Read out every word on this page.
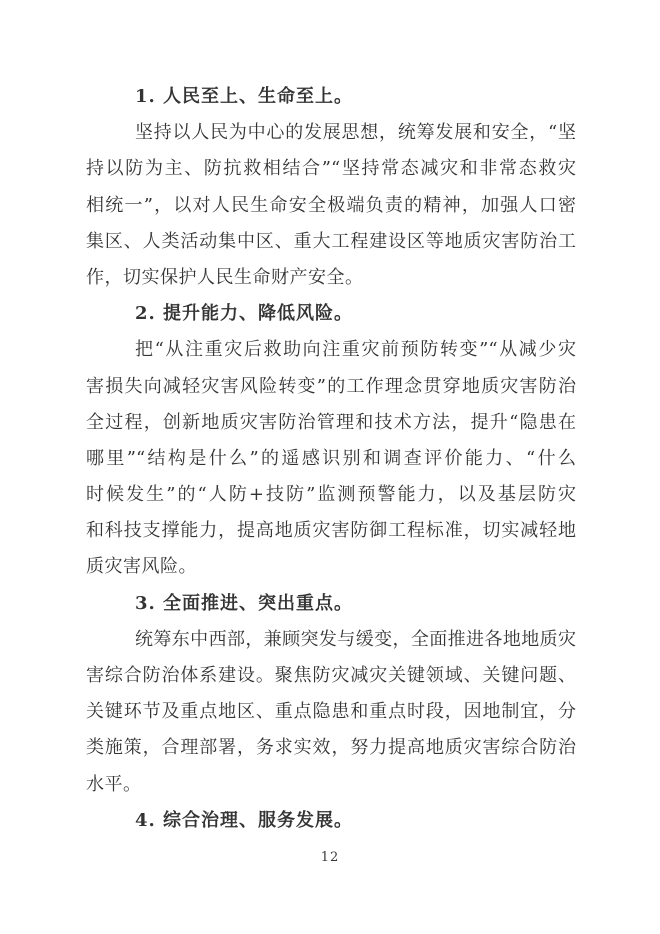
1. 人民至上、生命至上。
坚持以人民为中心的发展思想，统筹发展和安全，“坚
持以防为主、防抗救相结合”“坚持常态减灾和非常态救灾
相统一”，以对人民生命安全极端负责的精神，加强人口密
集区、人类活动集中区、重大工程建设区等地质灾害防治工
作，切实保护人民生命财产安全。
2. 提升能力、降低风险。
把“从注重灾后救助向注重灾前预防转变”“从减少灾
害损失向减轻灾害风险转变”的工作理念贯穿地质灾害防治
全过程，创新地质灾害防治管理和技术方法，提升“隐患在
哪里”“结构是什么”的遥感识别和调查评价能力、“什么
时候发生”的“人防+技防”监测预警能力，以及基层防灾
和科技支撑能力，提高地质灾害防御工程标准，切实减轻地
质灾害风险。
3. 全面推进、突出重点。
统筹东中西部，兼顾突发与缓变，全面推进各地地质灾
害综合防治体系建设。聚焦防灾减灾关键领域、关键问题、
关键环节及重点地区、重点隐患和重点时段，因地制宜，分
类施策，合理部署，务求实效，努力提高地质灾害综合防治
水平。
4. 综合治理、服务发展。
12
